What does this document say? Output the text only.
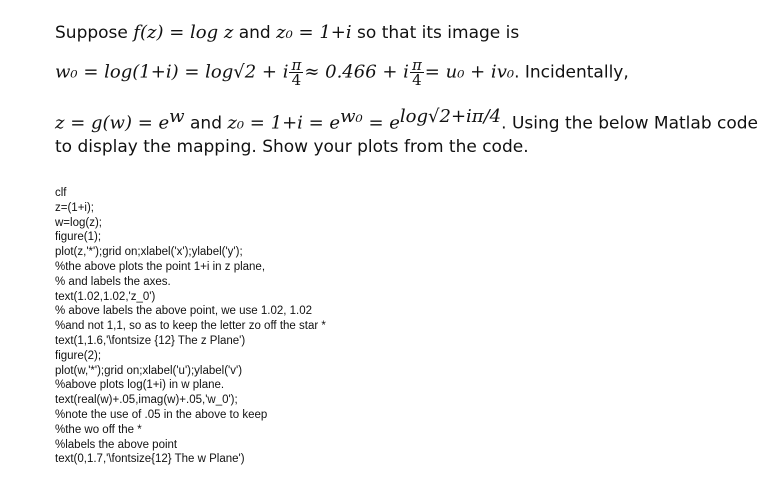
Suppose f(z) = log z and z₀ = 1+i so that its image is
w₀ = log(1+i) = log√2 + i $\frac{\pi}{4} \approx 0.466 + i \frac{\pi}{4} = u_0 + iv_0$. Incidentally,
$z = g(w) = e^w$ and $z_0 = 1+i = e^{w_0} = e^{log√2+i\pi/4}$. Using the below Matlab code
to display the mapping. Show your plots from the code.
clf
z=(1+i);
w=log(z);
figure(1);
plot(z,'*');grid on;xlabel('x');ylabel('y');
%the above plots the point 1+i in z plane,
% and labels the axes.
text(1.02,1.02,'z_0')
% above labels the above point, we use 1.02, 1.02
%and not 1,1, so as to keep the letter zo off the star *
text(1,1.6,'\fontsize {12} The z Plane')
figure(2);
plot(w,'*');grid on;xlabel('u');ylabel('v')
%above plots log(1+i) in w plane.
text(real(w)+.05,imag(w)+.05,'w_0');
%note the use of .05 in the above to keep
%the wo off the *
%labels the above point
text(0,1.7,'\fontsize{12} The w Plane')
